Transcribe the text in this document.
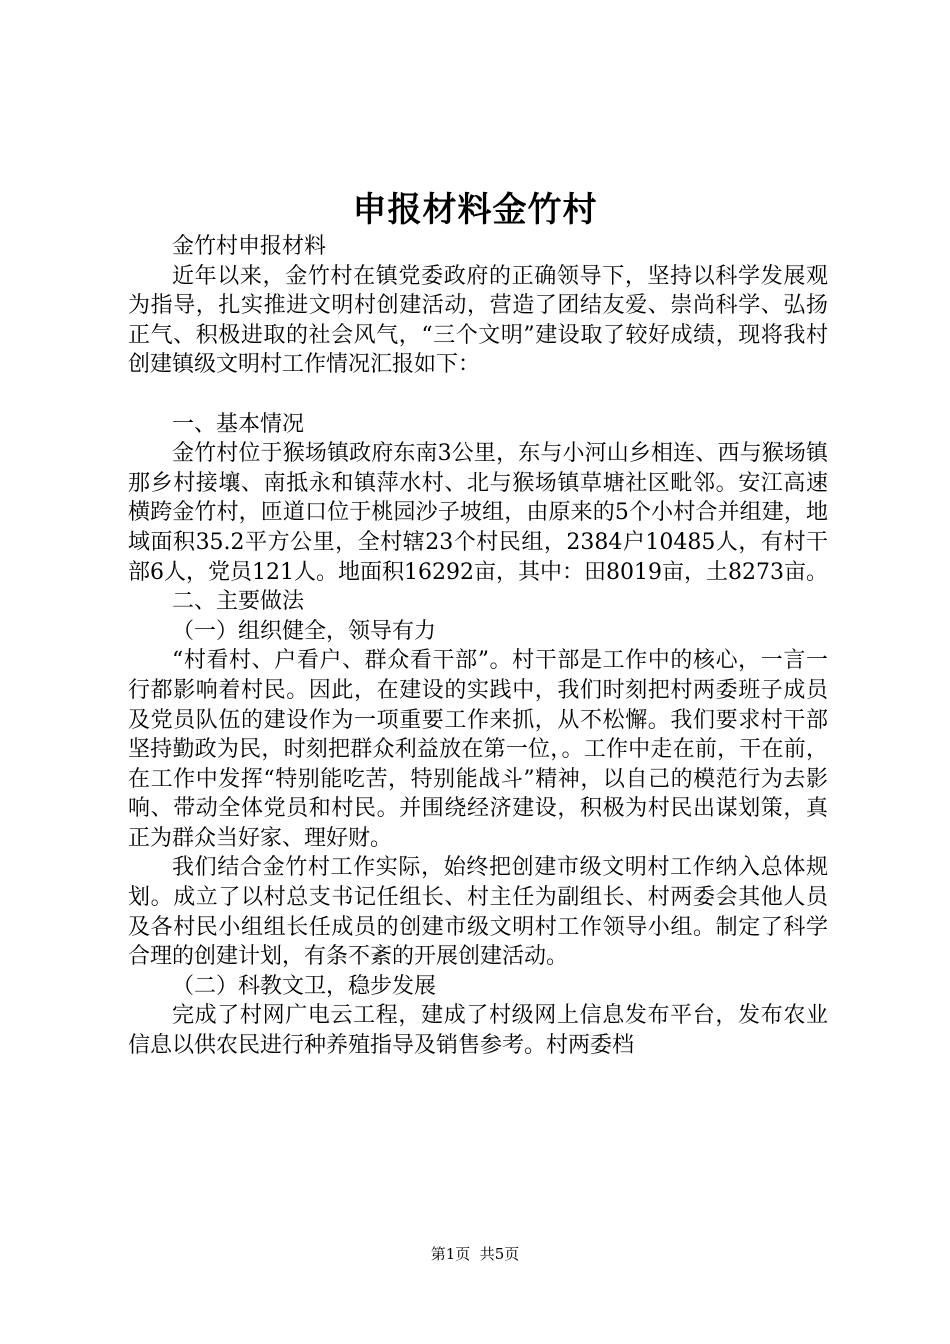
申报材料金竹村

金竹村申报材料

近年以来，金竹村在镇党委政府的正确领导下，坚持以科学发展观为指导，扎实推进文明村创建活动，营造了团结友爱、崇尚科学、弘扬正气、积极进取的社会风气，“三个文明”建设取了较好成绩，现将我村创建镇级文明村工作情况汇报如下：

一、基本情况

金竹村位于猴场镇政府东南3公里，东与小河山乡相连、西与猴场镇那乡村接壤、南抵永和镇萍水村、北与猴场镇草塘社区毗邻。安江高速横跨金竹村，匝道口位于桃园沙子坡组，由原来的5个小村合并组建，地域面积35.2平方公里，全村辖23个村民组，2384户10485人，有村干部6人，党员121人。地面积16292亩，其中：田8019亩，土8273亩。

二、主要做法

（一）组织健全，领导有力

“村看村、户看户、群众看干部”。村干部是工作中的核心，一言一行都影响着村民。因此，在建设的实践中，我们时刻把村两委班子成员及党员队伍的建设作为一项重要工作来抓，从不松懈。我们要求村干部坚持勤政为民，时刻把群众利益放在第一位，。工作中走在前，干在前，在工作中发挥“特别能吃苦，特别能战斗”精神，以自己的模范行为去影响、带动全体党员和村民。并围绕经济建设，积极为村民出谋划策，真正为群众当好家、理好财。

我们结合金竹村工作实际，始终把创建市级文明村工作纳入总体规划。成立了以村总支书记任组长、村主任为副组长、村两委会其他人员及各村民小组组长任成员的创建市级文明村工作领导小组。制定了科学合理的创建计划，有条不紊的开展创建活动。

（二）科教文卫，稳步发展

完成了村网广电云工程，建成了村级网上信息发布平台，发布农业信息以供农民进行种养殖指导及销售参考。村两委档

第1页  共5页
